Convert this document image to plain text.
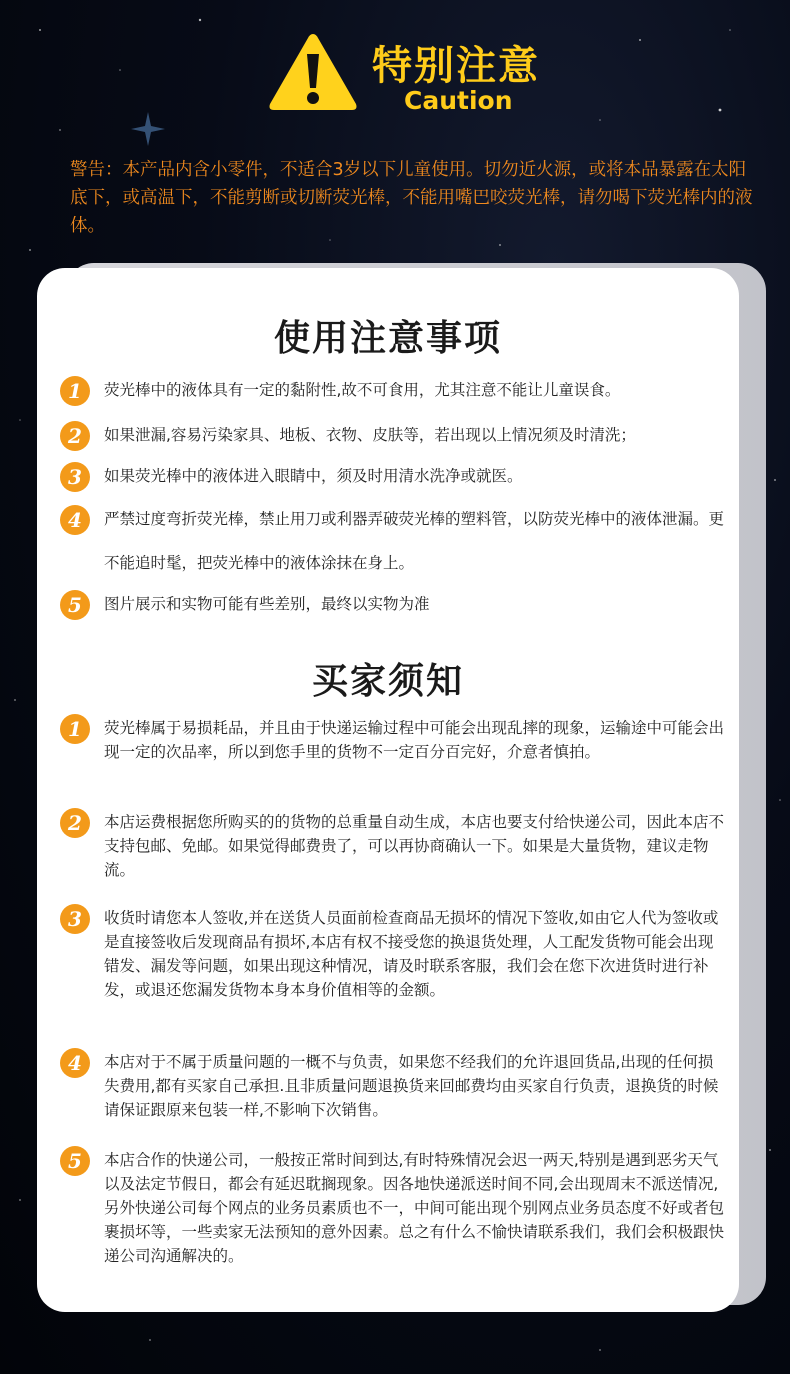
特别注意
Caution
警告：本产品内含小零件，不适合3岁以下儿童使用。切勿近火源，或将本品暴露在太阳底下，或高温下，不能剪断或切断荧光棒，不能用嘴巴咬荧光棒，请勿喝下荧光棒内的液体。
使用注意事项
1	荧光棒中的液体具有一定的黏附性,故不可食用，尤其注意不能让儿童误食。
2	如果泄漏,容易污染家具、地板、衣物、皮肤等，若出现以上情况须及时清洗；
3	如果荧光棒中的液体进入眼睛中，须及时用清水洗净或就医。
4	严禁过度弯折荧光棒，禁止用刀或利器弄破荧光棒的塑料管，以防荧光棒中的液体泄漏。更不能追时髦，把荧光棒中的液体涂抹在身上。
5	图片展示和实物可能有些差别，最终以实物为准
买家须知
1	荧光棒属于易损耗品，并且由于快递运输过程中可能会出现乱摔的现象，运输途中可能会出现一定的次品率，所以到您手里的货物不一定百分百完好，介意者慎拍。
2	本店运费根据您所购买的的货物的总重量自动生成，本店也要支付给快递公司，因此本店不支持包邮、免邮。如果觉得邮费贵了，可以再协商确认一下。如果是大量货物，建议走物流。
3	收货时请您本人签收,并在送货人员面前检查商品无损坏的情况下签收,如由它人代为签收或是直接签收后发现商品有损坏,本店有权不接受您的换退货处理，人工配发货物可能会出现错发、漏发等问题，如果出现这种情况，请及时联系客服，我们会在您下次进货时进行补发，或退还您漏发货物本身本身价值相等的金额。
4	本店对于不属于质量问题的一概不与负责，如果您不经我们的允许退回货品,出现的任何损失费用,都有买家自己承担.且非质量问题退换货来回邮费均由买家自行负责，退换货的时候请保证跟原来包装一样,不影响下次销售。
5	本店合作的快递公司，一般按正常时间到达,有时特殊情况会迟一两天,特别是遇到恶劣天气以及法定节假日，都会有延迟耽搁现象。因各地快递派送时间不同,会出现周末不派送情况,另外快递公司每个网点的业务员素质也不一，中间可能出现个别网点业务员态度不好或者包裹损坏等，一些卖家无法预知的意外因素。总之有什么不愉快请联系我们，我们会积极跟快递公司沟通解决的。
